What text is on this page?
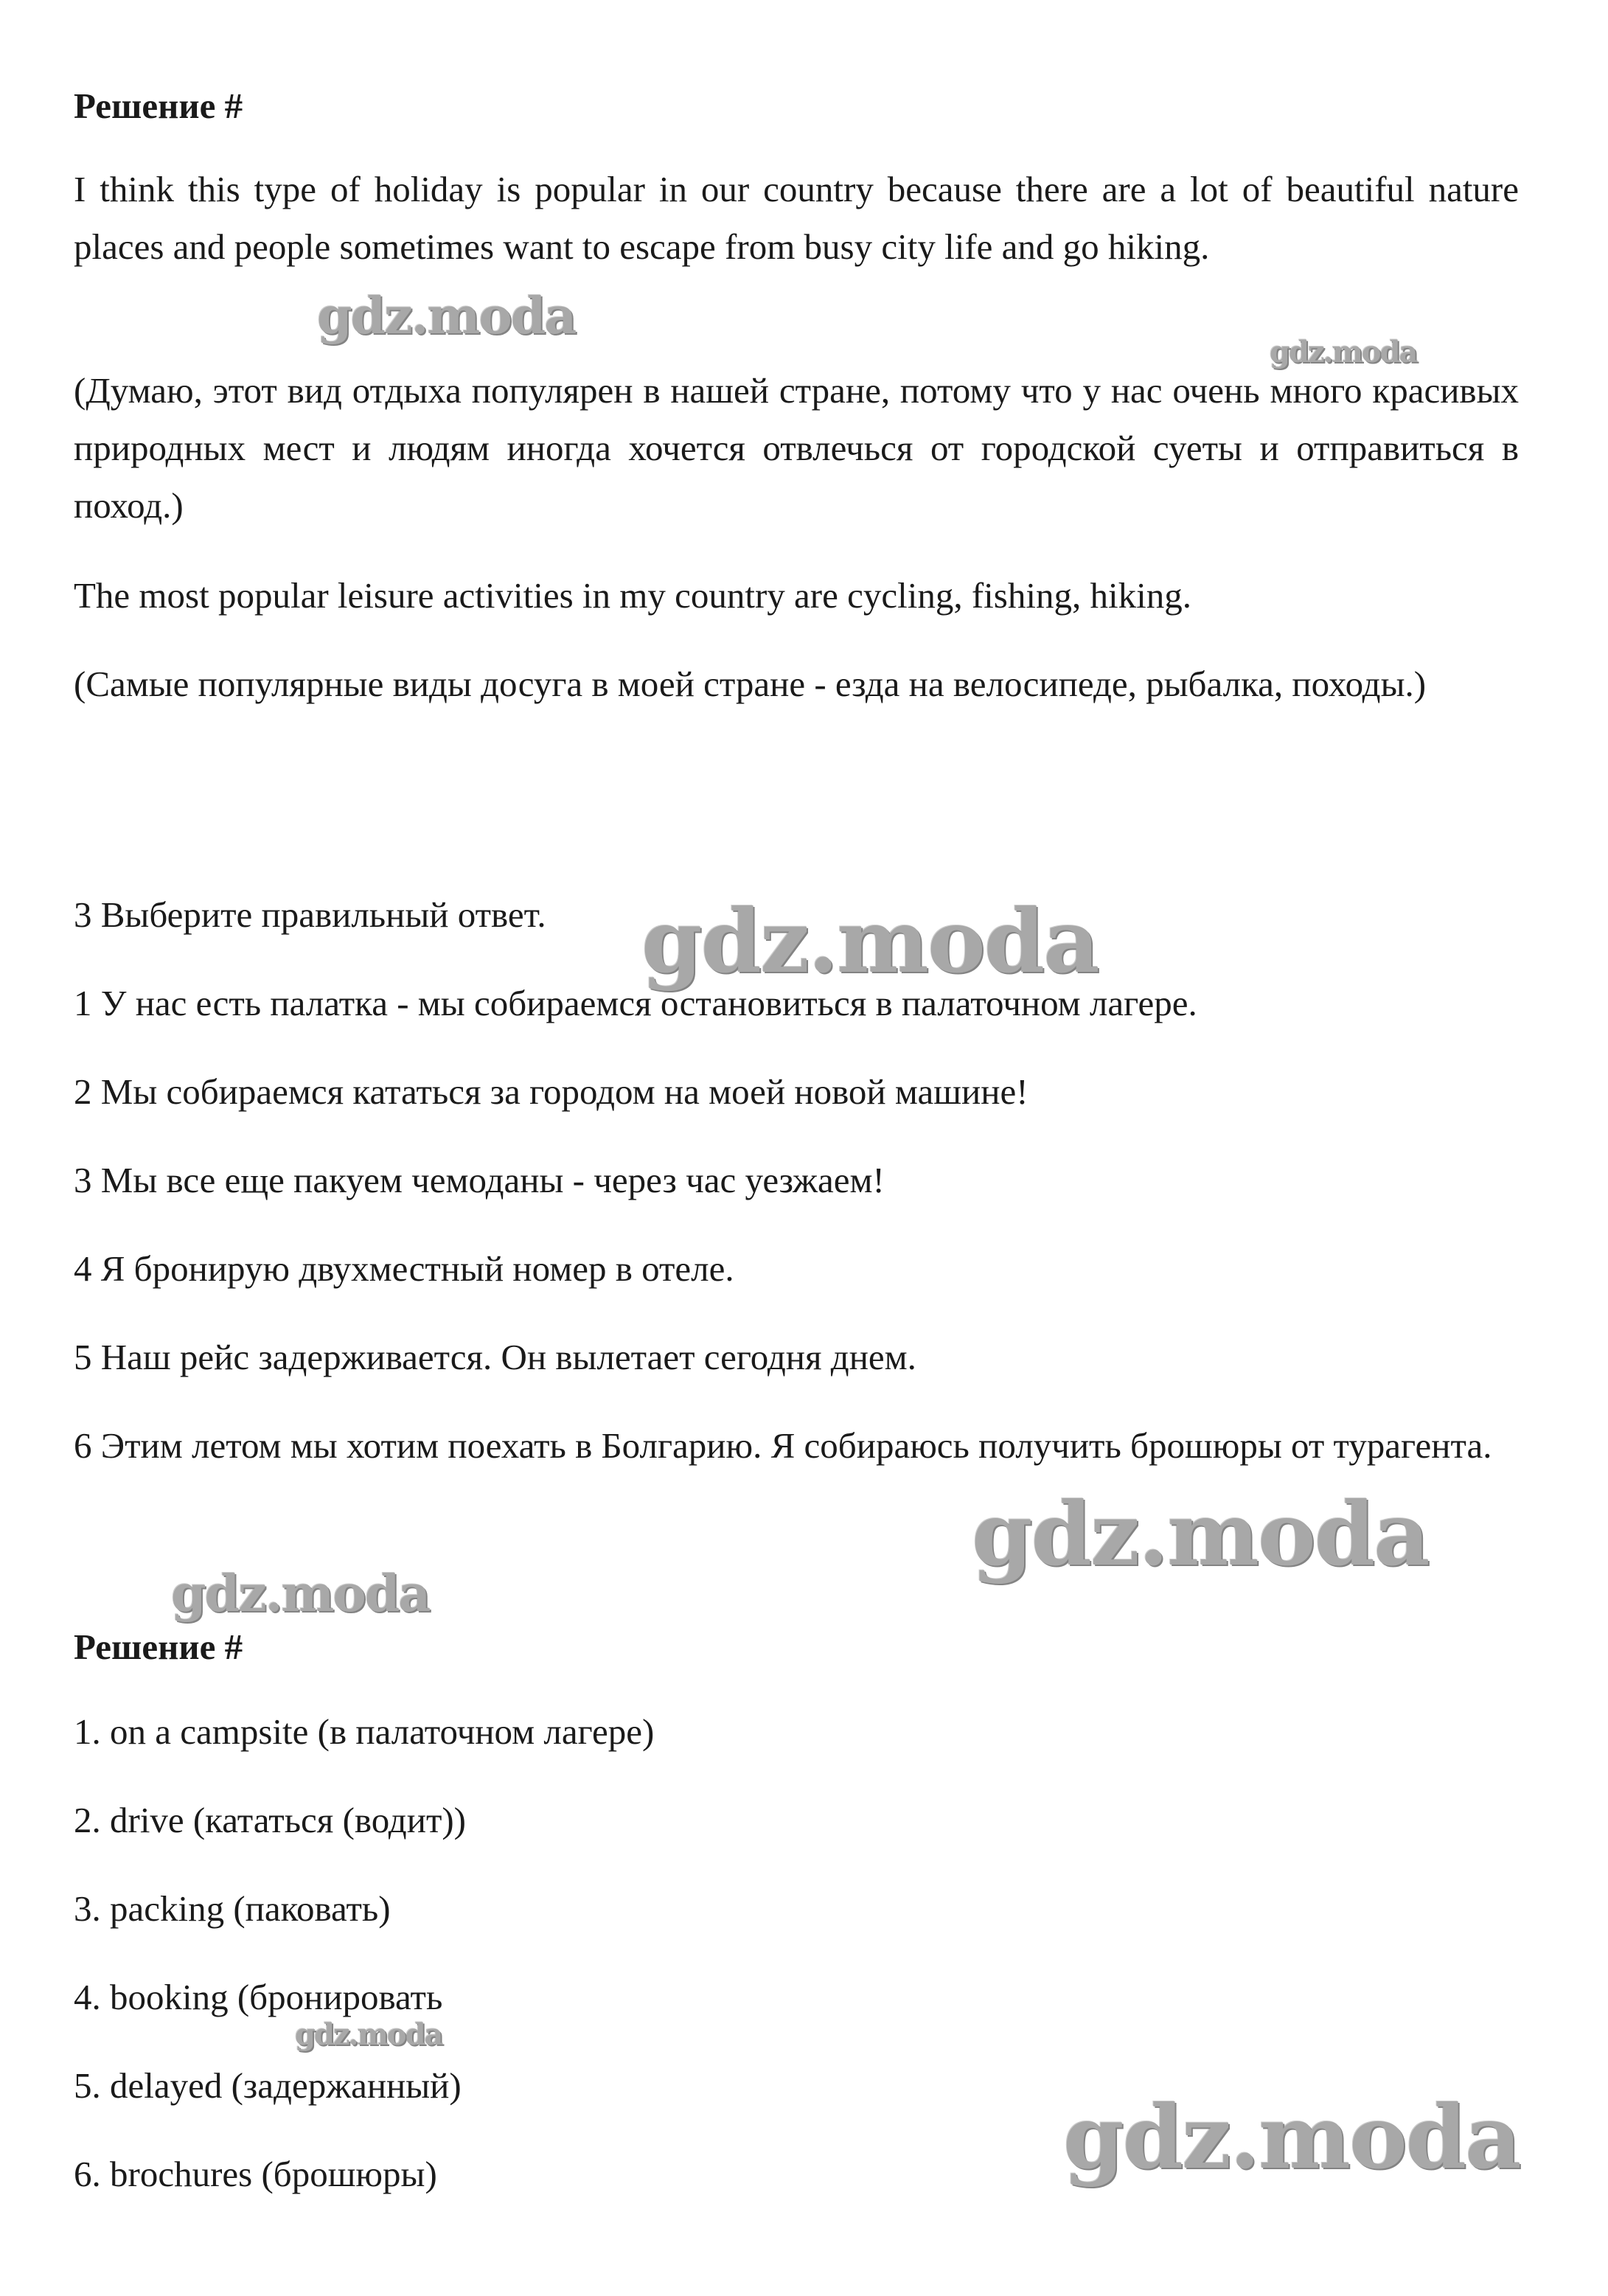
Решение #

I think this type of holiday is popular in our country because there are a lot of beautiful nature places and people sometimes want to escape from busy city life and go hiking.

(Думаю, этот вид отдыха популярен в нашей стране, потому что у нас очень много красивых природных мест и людям иногда хочется отвлечься от городской суеты и отправиться в поход.)

The most popular leisure activities in my country are cycling, fishing, hiking.

(Самые популярные виды досуга в моей стране - езда на велосипеде, рыбалка, походы.)

3 Выберите правильный ответ.

1 У нас есть палатка - мы собираемся остановиться в палаточном лагере.

2 Мы собираемся кататься за городом на моей новой машине!

3 Мы все еще пакуем чемоданы - через час уезжаем!

4 Я бронирую двухместный номер в отеле.

5 Наш рейс задерживается. Он вылетает сегодня днем.

6 Этим летом мы хотим поехать в Болгарию. Я собираюсь получить брошюры от турагента.

Решение #

1. on a campsite (в палаточном лагере)

2. drive (кататься (водит))

3. packing (паковать)

4. booking (бронировать

5. delayed (задержанный)

6. brochures (брошюры)

gdz.moda
gdz.moda
gdz.moda
gdz.moda
gdz.moda
gdz.moda
gdz.moda
